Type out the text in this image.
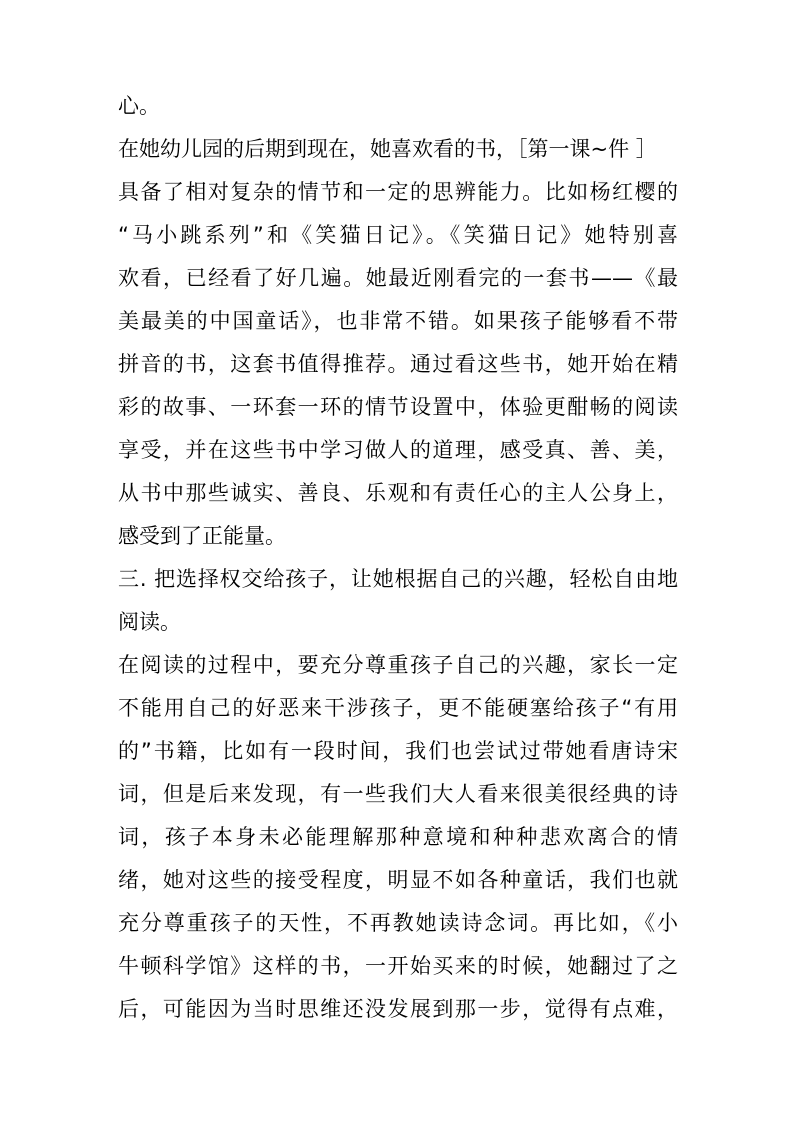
心。
在她幼儿园的后期到现在，她喜欢看的书，［第一课~件 ］
具备了相对复杂的情节和一定的思辨能力。比如杨红樱的
“马小跳系列”和《笑猫日记》。《笑猫日记》她特别喜
欢看，已经看了好几遍。她最近刚看完的一套书——《最
美最美的中国童话》，也非常不错。如果孩子能够看不带
拼音的书，这套书值得推荐。通过看这些书，她开始在精
彩的故事、一环套一环的情节设置中，体验更酣畅的阅读
享受，并在这些书中学习做人的道理，感受真、善、美，
从书中那些诚实、善良、乐观和有责任心的主人公身上，
感受到了正能量。
三. 把选择权交给孩子，让她根据自己的兴趣，轻松自由地
阅读。
在阅读的过程中，要充分尊重孩子自己的兴趣，家长一定
不能用自己的好恶来干涉孩子，更不能硬塞给孩子“有用
的”书籍，比如有一段时间，我们也尝试过带她看唐诗宋
词，但是后来发现，有一些我们大人看来很美很经典的诗
词，孩子本身未必能理解那种意境和种种悲欢离合的情
绪，她对这些的接受程度，明显不如各种童话，我们也就
充分尊重孩子的天性，不再教她读诗念词。再比如，《小
牛顿科学馆》这样的书，一开始买来的时候，她翻过了之
后，可能因为当时思维还没发展到那一步，觉得有点难，
